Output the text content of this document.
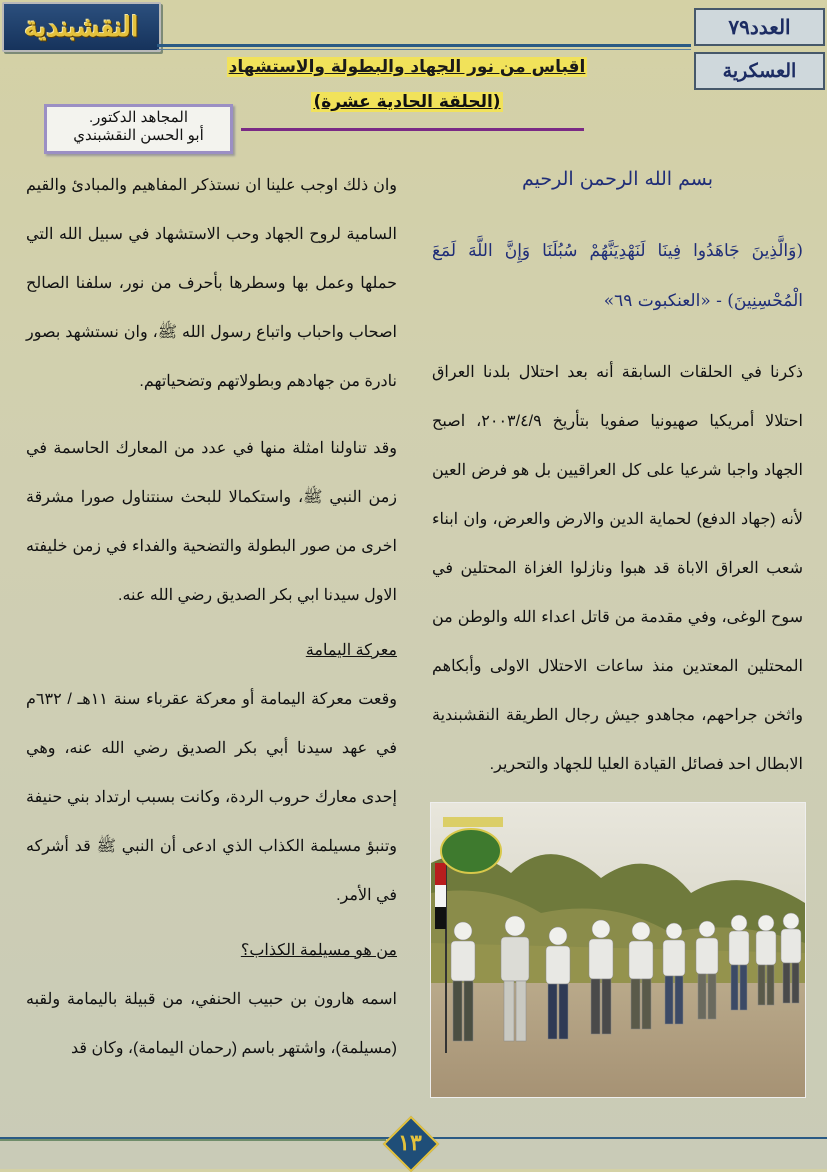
النقشبندية	العدد٧٩
العسكرية
اقباس من نور الجهاد والبطولة والاستشهاد
(الحلقة الحادية عشرة)
المجاهد الدكتور.
أبو الحسن النقشبندي
بسم الله الرحمن الرحيم
(وَالَّذِينَ جَاهَدُوا فِينَا لَنَهْدِيَنَّهُمْ سُبُلَنَا وَإِنَّ اللَّهَ لَمَعَ الْمُحْسِنِينَ) - «العنكبوت ٦٩»

ذكرنا في الحلقات السابقة أنه بعد احتلال بلدنا العراق احتلالا أمريكيا صهيونيا صفويا بتأريخ ٢٠٠٣/٤/٩، اصبح الجهاد واجبا شرعيا على كل العراقيين بل هو فرض العين لأنه (جهاد الدفع) لحماية الدين والارض والعرض، وان ابناء شعب العراق الاباة قد هبوا ونازلوا الغزاة المحتلين في سوح الوغى، وفي مقدمة من قاتل اعداء الله والوطن من المحتلين المعتدين منذ ساعات الاحتلال الاولى وأبكاهم واثخن جراحهم، مجاهدو جيش رجال الطريقة النقشبندية الابطال احد فصائل القيادة العليا للجهاد والتحرير.

وان ذلك اوجب علينا ان نستذكر المفاهيم والمبادئ والقيم السامية لروح الجهاد وحب الاستشهاد في سبيل الله التي حملها وعمل بها وسطرها بأحرف من نور، سلفنا الصالح اصحاب واحباب واتباع رسول الله ﷺ، وان نستشهد بصور نادرة من جهادهم وبطولاتهم وتضحياتهم.

وقد تناولنا امثلة منها في عدد من المعارك الحاسمة في زمن النبي ﷺ، واستكمالا للبحث سنتناول صورا مشرقة اخرى من صور البطولة والتضحية والفداء في زمن خليفته الاول سيدنا ابي بكر الصديق رضي الله عنه.

معركة اليمامة

وقعت معركة اليمامة أو معركة عقرباء سنة ١١هـ / ٦٣٢م في عهد سيدنا أبي بكر الصديق رضي الله عنه، وهي إحدى معارك حروب الردة، وكانت بسبب ارتداد بني حنيفة وتنبؤ مسيلمة الكذاب الذي ادعى أن النبي ﷺ قد أشركه في الأمر.

من هو مسيلمة الكذاب؟

اسمه هارون بن حبيب الحنفي، من قبيلة باليمامة ولقبه (مسيلمة)، واشتهر باسم (رحمان اليمامة)، وكان قد

١٣
